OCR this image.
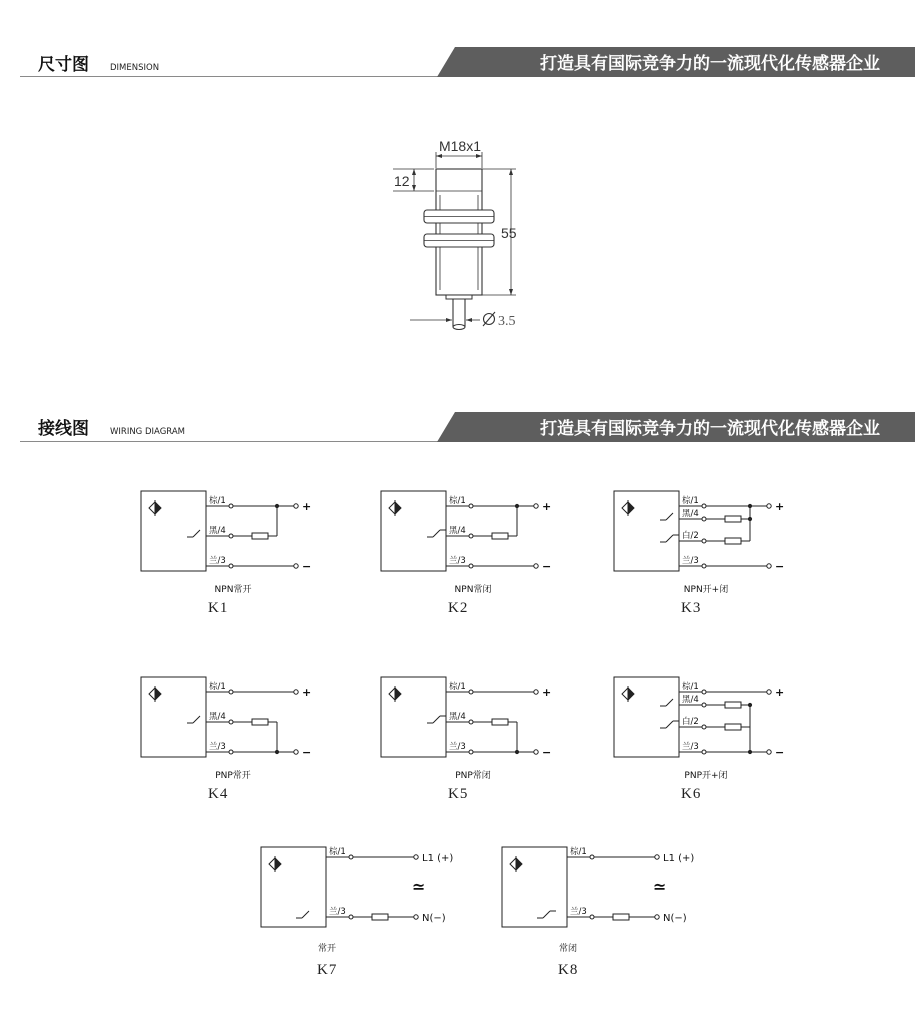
尺寸图 DIMENSION	打造具有国际竞争力的一流现代化传感器企业
M18x1
12
55
3.5
接线图 WIRING DIAGRAM	打造具有国际竞争力的一流现代化传感器企业
棕/1	+
兰/3	−
黑/4
NPN常开
K1
棕/1	+
兰/3	−
黑/4
NPN常闭
K2
棕/1	+
兰/3	−
黑/4
白/2
NPN开+闭
K3
棕/1	+
兰/3	−
黑/4
PNP常开
K4
棕/1	+
兰/3	−
黑/4
PNP常闭
K5
棕/1	+
兰/3	−
黑/4
白/2
PNP开+闭
K6
棕/1
L1 (+)
≃
兰/3
N(−)
常开
K7
棕/1
L1 (+)
≃
兰/3
N(−)
常闭
K8
